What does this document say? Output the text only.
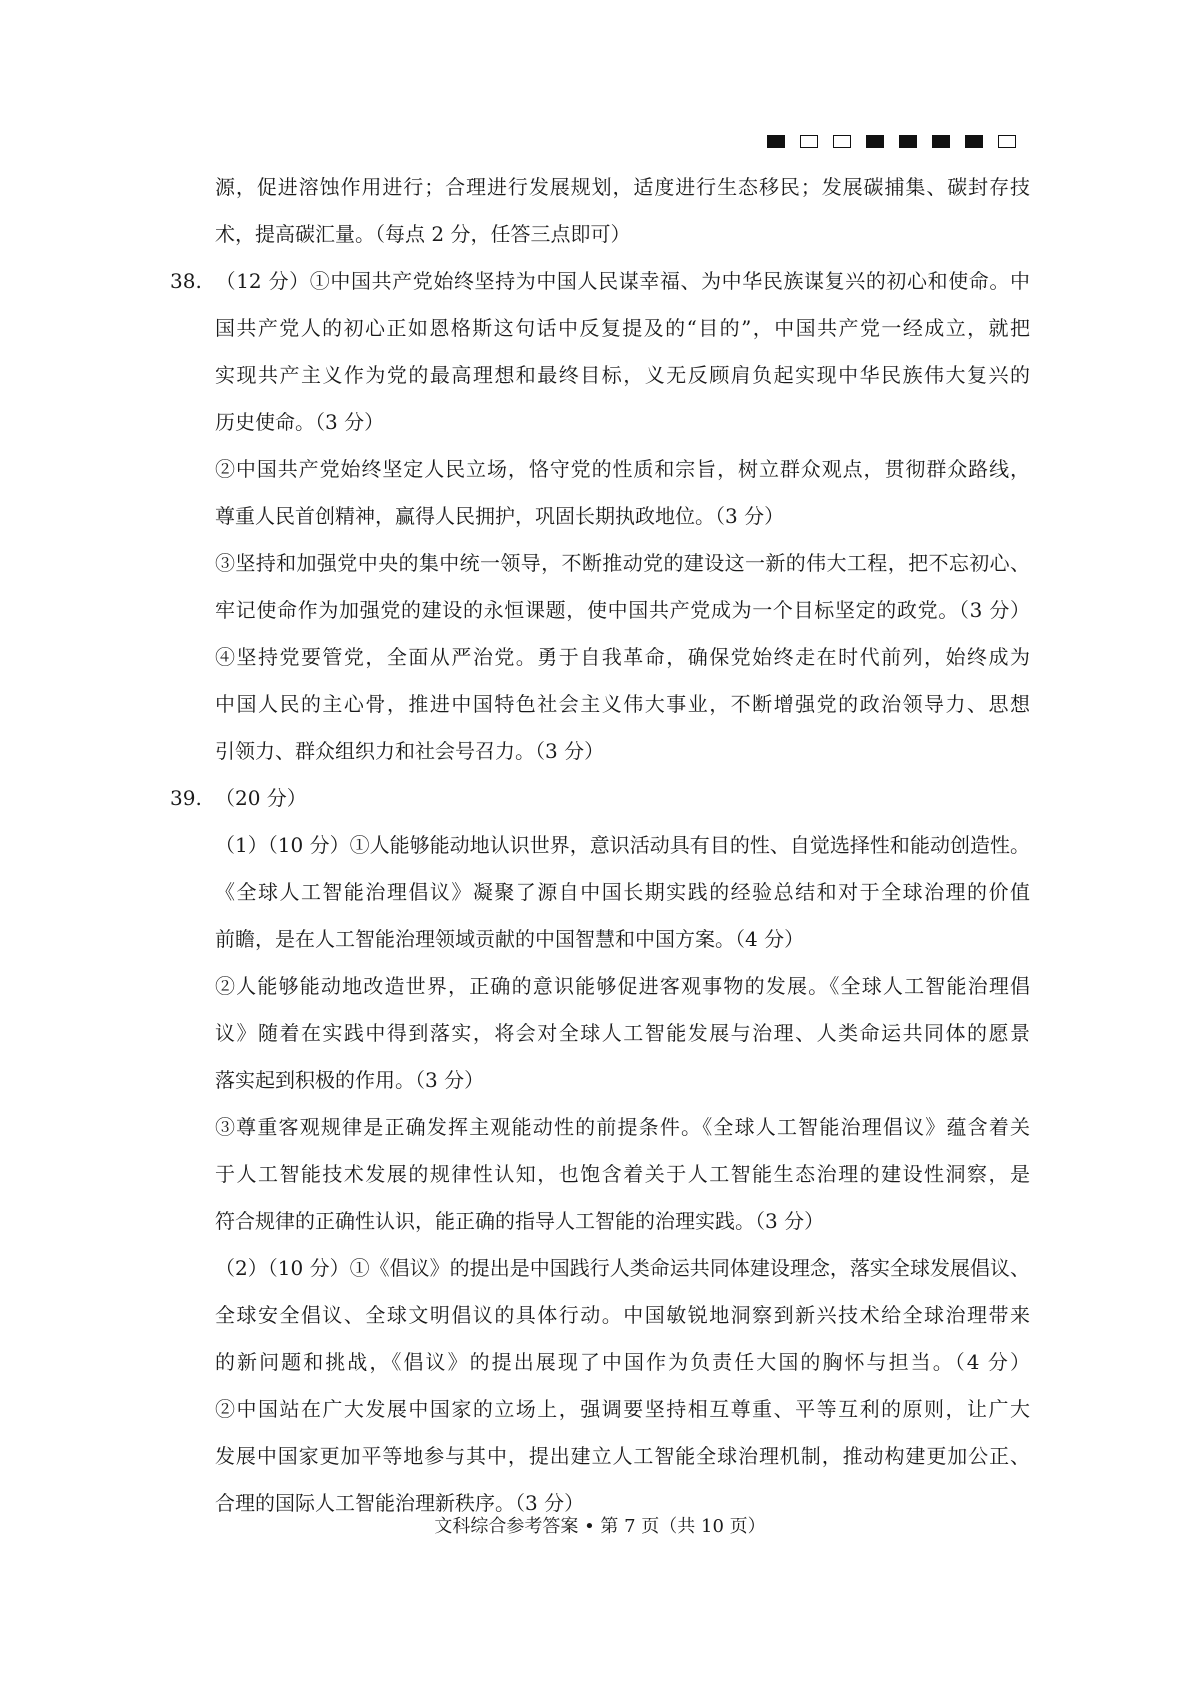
源，促进溶蚀作用进行；合理进行发展规划，适度进行生态移民；发展碳捕集、碳封存技
术，提高碳汇量。（每点 2 分，任答三点即可）
38. （12 分）①中国共产党始终坚持为中国人民谋幸福、为中华民族谋复兴的初心和使命。中
国共产党人的初心正如恩格斯这句话中反复提及的“目的”，中国共产党一经成立，就把
实现共产主义作为党的最高理想和最终目标，义无反顾肩负起实现中华民族伟大复兴的
历史使命。（3 分）
②中国共产党始终坚定人民立场，恪守党的性质和宗旨，树立群众观点，贯彻群众路线，
尊重人民首创精神，赢得人民拥护，巩固长期执政地位。（3 分）
③坚持和加强党中央的集中统一领导，不断推动党的建设这一新的伟大工程，把不忘初心、
牢记使命作为加强党的建设的永恒课题，使中国共产党成为一个目标坚定的政党。（3 分）
④坚持党要管党，全面从严治党。勇于自我革命，确保党始终走在时代前列，始终成为
中国人民的主心骨，推进中国特色社会主义伟大事业，不断增强党的政治领导力、思想
引领力、群众组织力和社会号召力。（3 分）
39. （20 分）
（1）（10 分）①人能够能动地认识世界，意识活动具有目的性、自觉选择性和能动创造性。
《全球人工智能治理倡议》凝聚了源自中国长期实践的经验总结和对于全球治理的价值
前瞻，是在人工智能治理领域贡献的中国智慧和中国方案。（4 分）
②人能够能动地改造世界，正确的意识能够促进客观事物的发展。《全球人工智能治理倡
议》随着在实践中得到落实，将会对全球人工智能发展与治理、人类命运共同体的愿景
落实起到积极的作用。（3 分）
③尊重客观规律是正确发挥主观能动性的前提条件。《全球人工智能治理倡议》蕴含着关
于人工智能技术发展的规律性认知，也饱含着关于人工智能生态治理的建设性洞察，是
符合规律的正确性认识，能正确的指导人工智能的治理实践。（3 分）
（2）（10 分）①《倡议》的提出是中国践行人类命运共同体建设理念，落实全球发展倡议、
全球安全倡议、全球文明倡议的具体行动。中国敏锐地洞察到新兴技术给全球治理带来
的新问题和挑战，《倡议》的提出展现了中国作为负责任大国的胸怀与担当。（4 分）
②中国站在广大发展中国家的立场上，强调要坚持相互尊重、平等互利的原则，让广大
发展中国家更加平等地参与其中，提出建立人工智能全球治理机制，推动构建更加公正、
合理的国际人工智能治理新秩序。（3 分）
文科综合参考答案 • 第 7 页（共 10 页）
